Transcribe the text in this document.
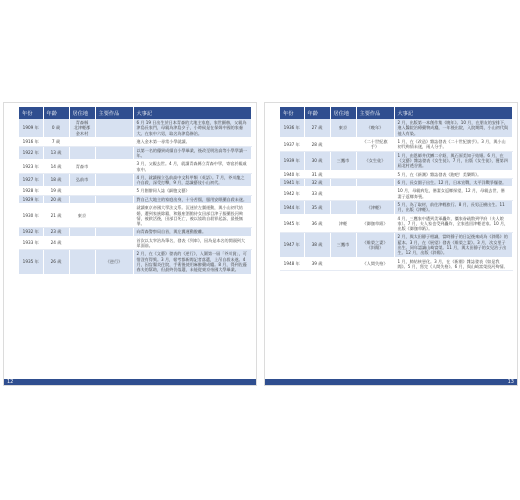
年份	年齡	居住地	主要作品	大事記
1909 年	0 歲	青森縣
北津輕郡
金木村		6 月 19 日出生於日本青森的大地主家庭，家世顯赫，父親為津島長家門，母親為津島夕子，小時候是在保姆中國的家養大。在家中六男，取名為津島修治。
1916 年	7 歲			進入金木第一尋常小學就讀。
1922 年	13 歲			以第一名的優異成績自小學畢業，後改至明治高等小學學讀一年。
1923 年	14 歲	青森市		3 月，父親去世。4 月，就讀青森縣立青森中學，寄宿於親戚家中。
1927 年	18 歲	弘前市		4 月，就讀國立弘前高中文科甲類（英語）。7 月，芥川龍之介自殺，深受打擊，9 月，認識藝伎小山初代。
1928 年	19 歲			5 月創辦同人誌《細胞文藝》
1929 年	20 歲			對自己大地主的家庭出身，十分苦惱，服用安眠藥自殺未遂。
1930 年	21 歲	東京		就讀東京帝國大學法文系。沉迷於左翼運動，與小山初代結婚，遭到家族除籍，和銀座酒館侍女田部目津子服藥投河殉情，被救活後，田部目死亡，被以協助自殺罪起訴，最後無罪。
1932 年	23 歲			向青森警察局自首，與左翼運動脫離。
1933 年	24 歲			首次以太宰治為筆名，發表《列車》，因為是本名的開頭到大眾面前。
1935 年	26 歲		《逆行》	2 月，在《文藝》發表的《逆行》，入圍第一屆「芥川賞」，可惜沒有得獎。3 月，報考都新聞記者落選，上吊自殺未遂。4 月，因盲腸炎住院，手術後使用麻醉藥成癮。8 月，得到佐藤春夫的幫助，但最終仍落選，未能從東京帝國大學畢業。
12
年份	年齡	居住地	主要作品	大事記
1936 年	27 歲	東京	《晚年》	2 月，出版第一本創作集《晚年》。10 月，在朋友的安排下，進入醫院治療藥物成癮，一年後出院，入院期間，小山初代與他人有染。
1937 年	28 歲		《二十世紀旗手》	1 月，在《改造》雜誌發表《二十世紀旗手》。3 月，與小山初代殉情未遂，兩人分手。
1939 年	30 歲	三鷹市	《女生徒》	1 月，由恩師井伏鱒二介紹，與石原美知子結婚。6 月，在《文藝》雜誌發表《女生徒》。7 月，出版《女生徒》，獲第四屆北村透谷賞。
1940 年	31 歲			5 月，在《新潮》雜誌發表《跑吧！美樂斯》。
1941 年	32 歲			6 月，長女園子出生。12 月，日本宣戰，太平洋戰爭爆發。
1942 年	33 歲			10 月，母親病危，偕妻女返鄉探望，12 月，母親去世，偕妻子返鄉奔喪。
1944 年	35 歲		《津輕》	5 月，為了取材，前往津輕旅行。8 月，長男正樹出生。11 月，出版《津輕》。
1945 年	36 歲	津輕	《御伽草紙》	4 月，三鷹家中遭到美軍轟炸，攜家眷疏散到甲府（夫人娘家）。7 月，夫人家也受到轟炸，全家逃回津輕老家。10 月，出版《御伽草紙》。
1947 年	38 歲	三鷹市	《維榮之妻》
《斜陽》	2 月，與太田靜子相識，當時靜子的日記後來成為《斜陽》的藍本。3 月，在《展望》發表《維榮之妻》。3 月，次女里子出生。同年認識山崎富榮。11 月，與太田靜子的女兒治子出生。12 月，出版《斜陽》。
1948 年	39 歲		《人間失格》	1 月，肺結核惡化。3 月，在《新潮》雜誌發表《如是我聞》。5 月，寫完《人間失格》。6 月，與山崎富榮投河殉情。
13
